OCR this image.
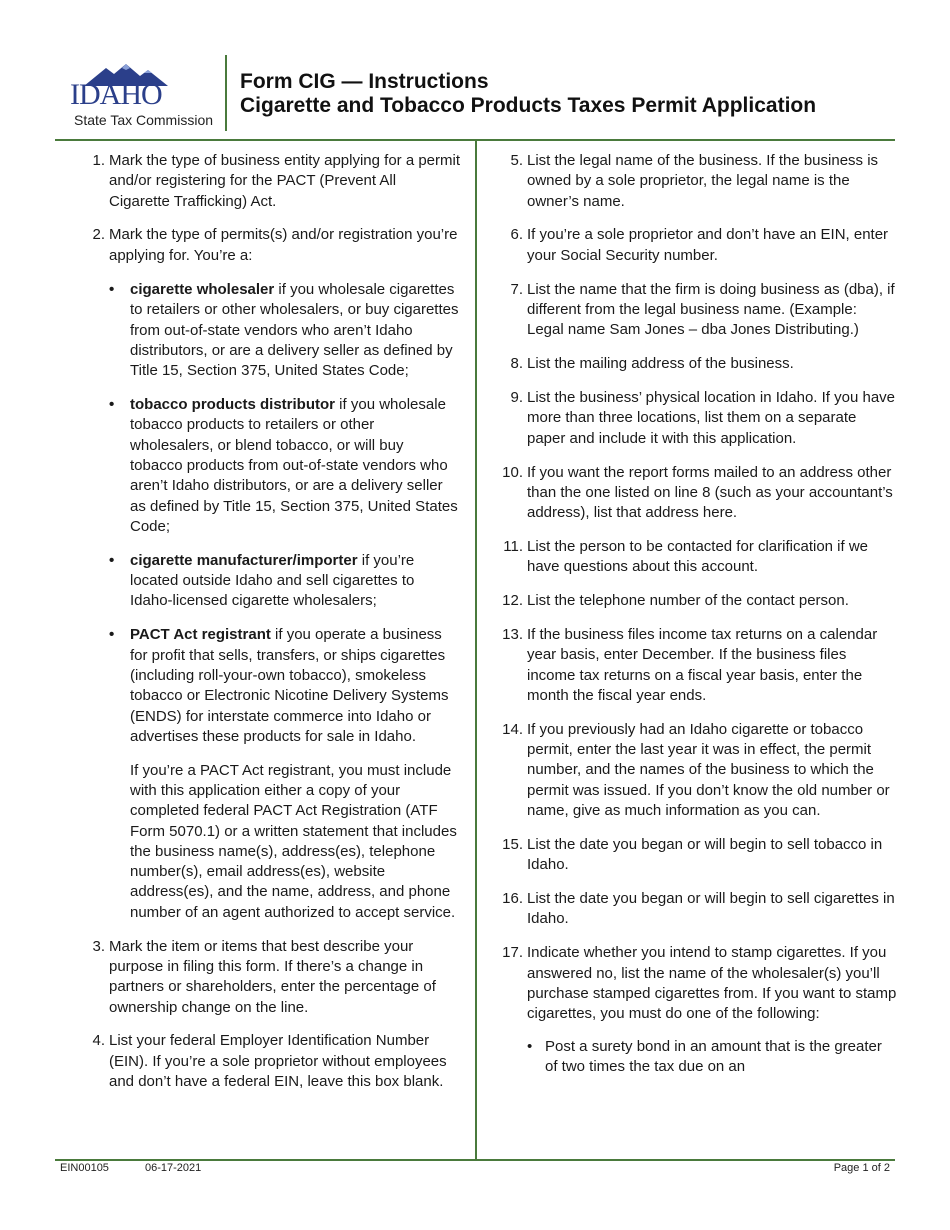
IDAHO
State Tax Commission
Form CIG — Instructions
Cigarette and Tobacco Products Taxes Permit Application
1. Mark the type of business entity applying for a permit and/or registering for the PACT (Prevent All Cigarette Trafficking) Act.
2. Mark the type of permits(s) and/or registration you’re applying for. You’re a:
•	cigarette wholesaler if you wholesale cigarettes to retailers or other wholesalers, or buy cigarettes from out-of-state vendors who aren’t Idaho distributors, or are a delivery seller as defined by Title 15, Section 375, United States Code;
•	tobacco products distributor if you wholesale tobacco products to retailers or other wholesalers, or blend tobacco, or will buy tobacco products from out-of-state vendors who aren’t Idaho distributors, or are a delivery seller as defined by Title 15, Section 375, United States Code;
•	cigarette manufacturer/importer if you’re located outside Idaho and sell cigarettes to Idaho-licensed cigarette wholesalers;
•	PACT Act registrant if you operate a business for profit that sells, transfers, or ships cigarettes (including roll-your-own tobacco), smokeless tobacco or Electronic Nicotine Delivery Systems (ENDS) for interstate commerce into Idaho or advertises these products for sale in Idaho.
If you’re a PACT Act registrant, you must include with this application either a copy of your completed federal PACT Act Registration (ATF Form 5070.1) or a written statement that includes the business name(s), address(es), telephone number(s), email address(es), website address(es), and the name, address, and phone number of an agent authorized to accept service.
3. Mark the item or items that best describe your purpose in filing this form. If there’s a change in partners or shareholders, enter the percentage of ownership change on the line.
4. List your federal Employer Identification Number (EIN). If you’re a sole proprietor without employees and don’t have a federal EIN, leave this box blank.
5. List the legal name of the business. If the business is owned by a sole proprietor, the legal name is the owner’s name.
6. If you’re a sole proprietor and don’t have an EIN, enter your Social Security number.
7. List the name that the firm is doing business as (dba), if different from the legal business name. (Example: Legal name Sam Jones – dba Jones Distributing.)
8. List the mailing address of the business.
9. List the business’ physical location in Idaho. If you have more than three locations, list them on a separate paper and include it with this application.
10. If you want the report forms mailed to an address other than the one listed on line 8 (such as your accountant’s address), list that address here.
11. List the person to be contacted for clarification if we have questions about this account.
12. List the telephone number of the contact person.
13. If the business files income tax returns on a calendar year basis, enter December. If the business files income tax returns on a fiscal year basis, enter the month the fiscal year ends.
14. If you previously had an Idaho cigarette or tobacco permit, enter the last year it was in effect, the permit number, and the names of the business to which the permit was issued. If you don’t know the old number or name, give as much information as you can.
15. List the date you began or will begin to sell tobacco in Idaho.
16. List the date you began or will begin to sell cigarettes in Idaho.
17. Indicate whether you intend to stamp cigarettes. If you answered no, list the name of the wholesaler(s) you’ll purchase stamped cigarettes from. If you want to stamp cigarettes, you must do one of the following:
• Post a surety bond in an amount that is the greater of two times the tax due on an
EIN00105	06-17-2021	Page 1 of 2
